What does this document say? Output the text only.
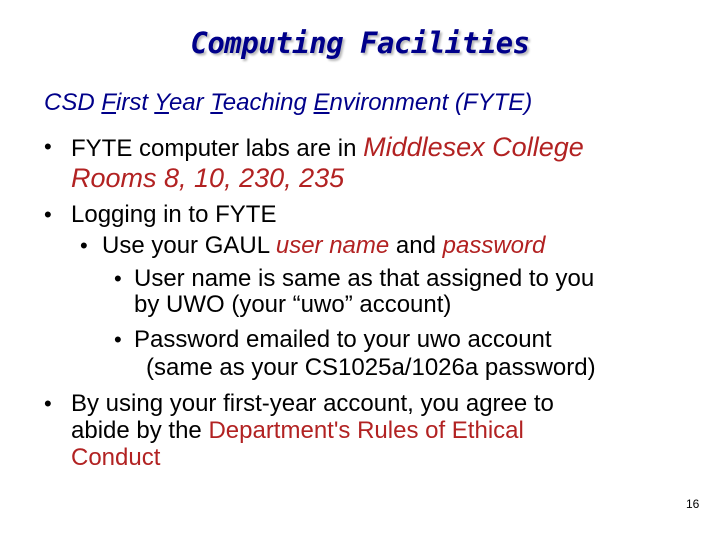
Computing Facilities
CSD First Year Teaching Environment (FYTE)
• FYTE computer labs are in Middlesex College
Rooms 8, 10, 230, 235
• Logging in to FYTE
• Use your GAUL user name and password
• User name is same as that assigned to you
by UWO (your “uwo” account)
• Password emailed to your uwo account
(same as your CS1025a/1026a password)
• By using your first-year account, you agree to
abide by the Department's Rules of Ethical
Conduct
16
